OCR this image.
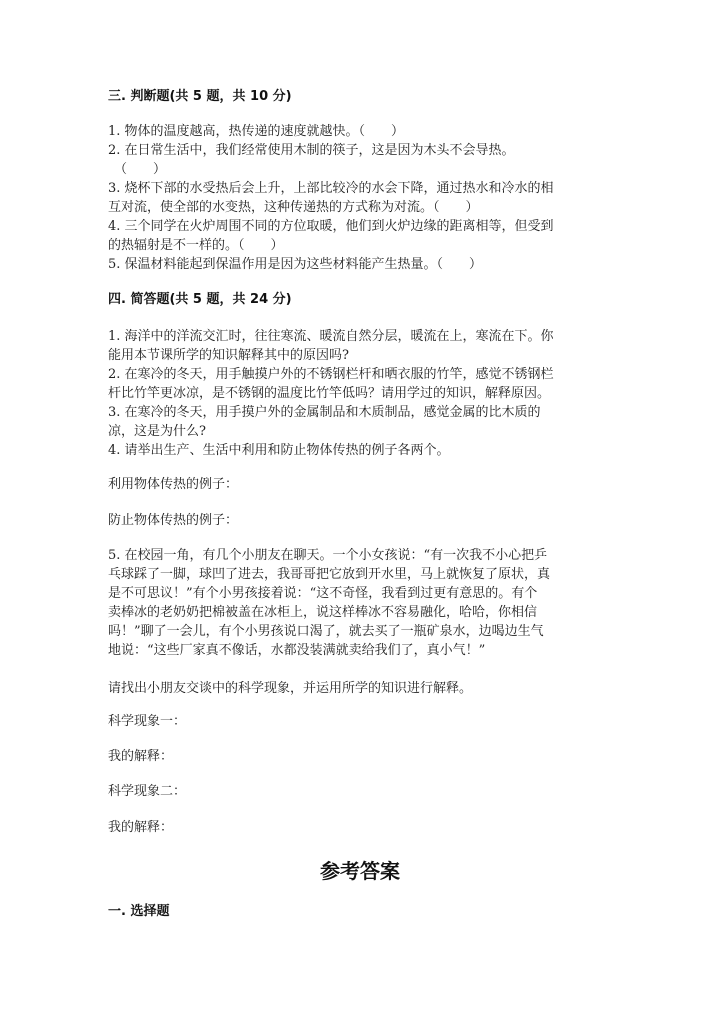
三. 判断题(共 5 题，共 10 分)
1. 物体的温度越高，热传递的速度就越快。（　　）
2. 在日常生活中，我们经常使用木制的筷子，这是因为木头不会导热。
（　　）
3. 烧杯下部的水受热后会上升，上部比较冷的水会下降，通过热水和冷水的相
互对流，使全部的水变热，这种传递热的方式称为对流。（　　）
4. 三个同学在火炉周围不同的方位取暖，他们到火炉边缘的距离相等，但受到
的热辐射是不一样的。（　　）
5. 保温材料能起到保温作用是因为这些材料能产生热量。（　　）
四. 简答题(共 5 题，共 24 分)
1. 海洋中的洋流交汇时，往往寒流、暖流自然分层，暖流在上，寒流在下。你
能用本节课所学的知识解释其中的原因吗?
2. 在寒冷的冬天，用手触摸户外的不锈钢栏杆和晒衣服的竹竿，感觉不锈钢栏
杆比竹竿更冰凉，是不锈钢的温度比竹竿低吗？请用学过的知识，解释原因。
3. 在寒冷的冬天，用手摸户外的金属制品和木质制品，感觉金属的比木质的
凉，这是为什么?
4. 请举出生产、生活中利用和防止物体传热的例子各两个。
利用物体传热的例子：
防止物体传热的例子：
5. 在校园一角，有几个小朋友在聊天。一个小女孩说：“有一次我不小心把乒
乓球踩了一脚，球凹了进去，我哥哥把它放到开水里，马上就恢复了原状，真
是不可思议！”有个小男孩接着说：“这不奇怪，我看到过更有意思的。有个
卖棒冰的老奶奶把棉被盖在冰柜上，说这样棒冰不容易融化，哈哈，你相信
吗！”聊了一会儿，有个小男孩说口渴了，就去买了一瓶矿泉水，边喝边生气
地说：“这些厂家真不像话，水都没装满就卖给我们了，真小气！”
请找出小朋友交谈中的科学现象，并运用所学的知识进行解释。
科学现象一：
我的解释：
科学现象二：
我的解释：
参考答案
一. 选择题
